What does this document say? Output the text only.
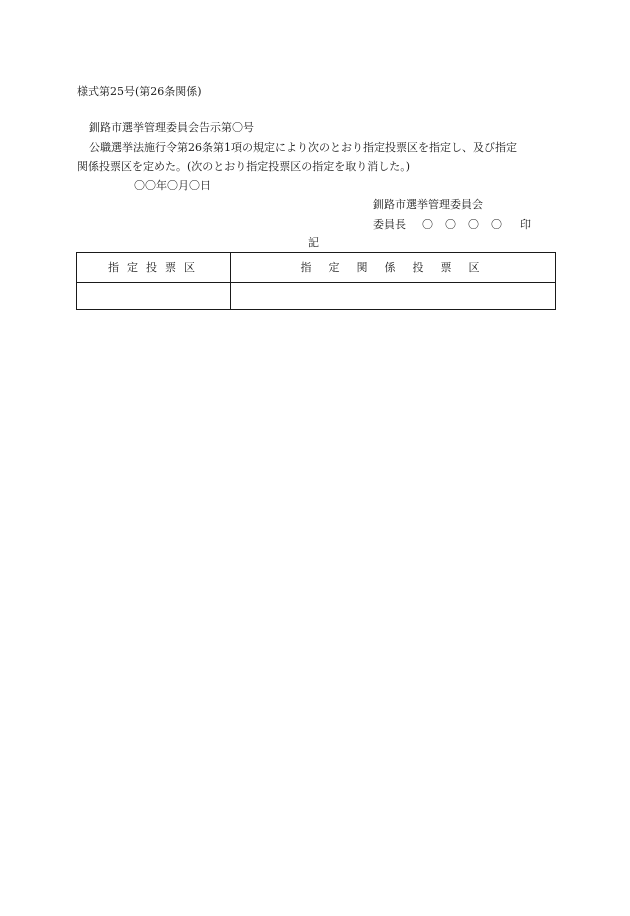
様式第25号(第26条関係)
釧路市選挙管理委員会告示第〇号
公職選挙法施行令第26条第1項の規定により次のとおり指定投票区を指定し、及び指定
関係投票区を定めた。(次のとおり指定投票区の指定を取り消した。)
〇〇年〇月〇日
釧路市選挙管理委員会
委員長 〇 〇 〇 〇 印
記
指定投票区	指定関係投票区
